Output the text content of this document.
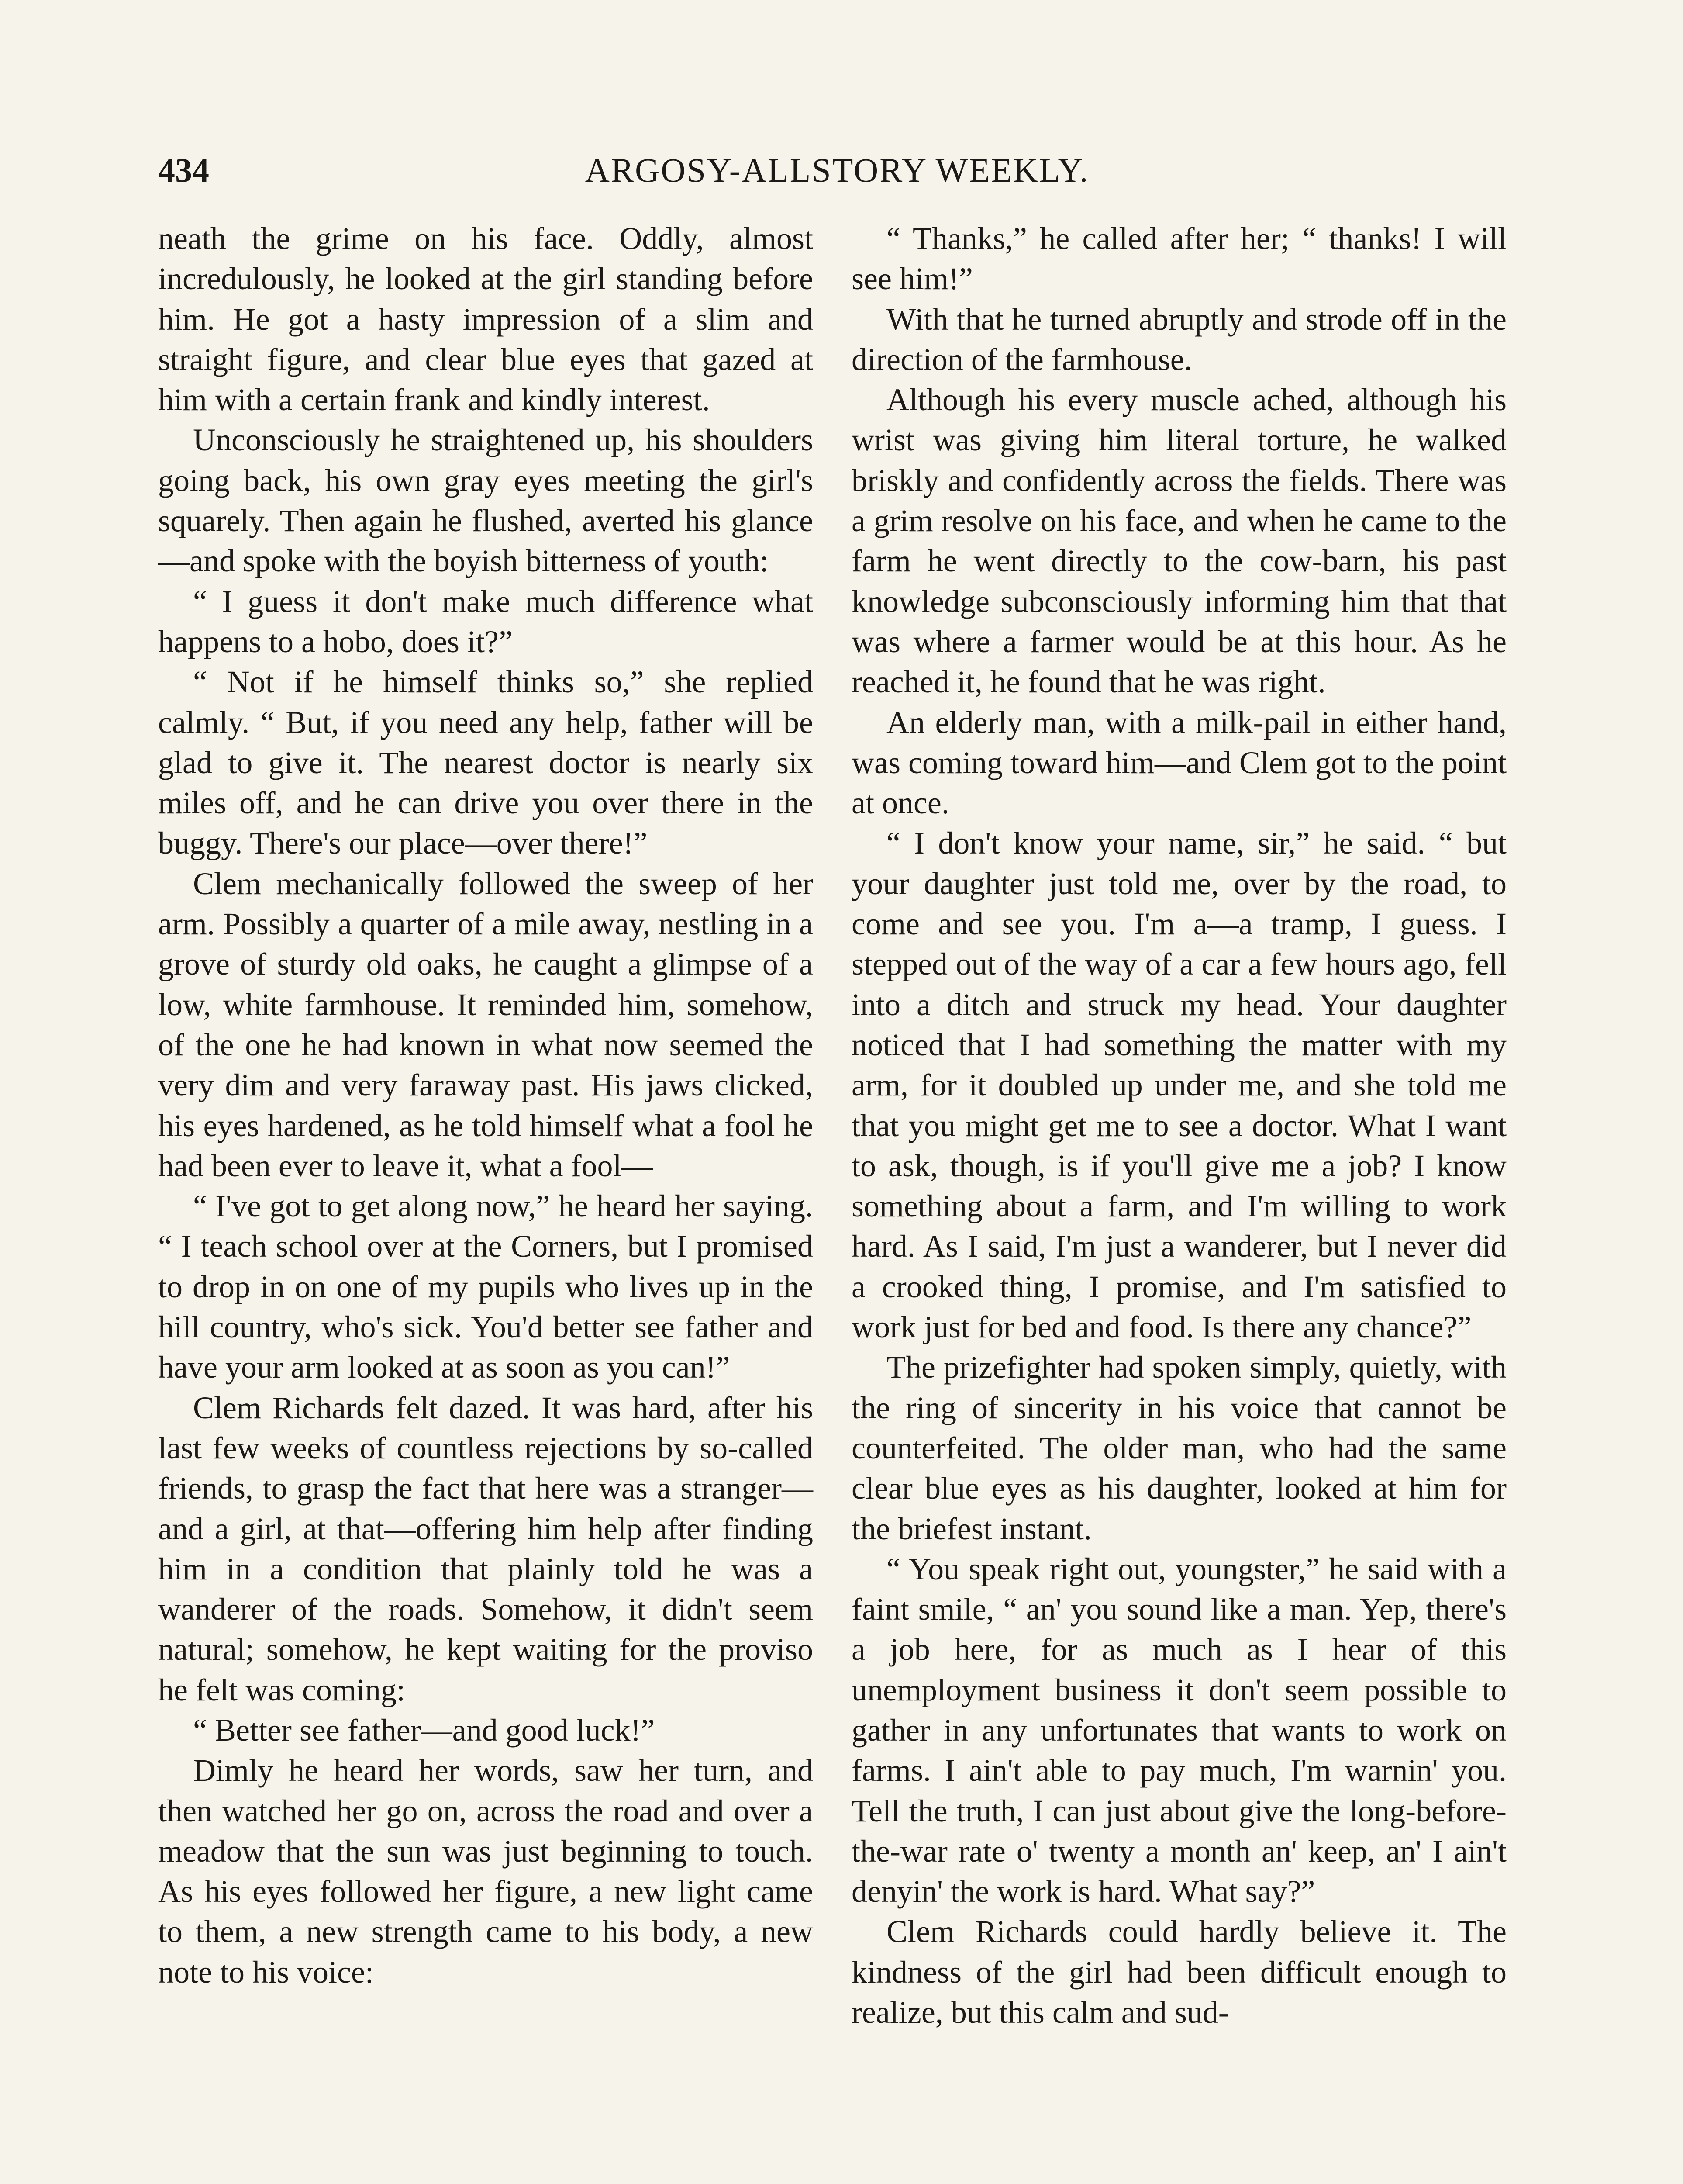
434	ARGOSY-ALLSTORY WEEKLY.

neath the grime on his face. Oddly, almost incredulously, he looked at the girl standing before him. He got a hasty impression of a slim and straight figure, and clear blue eyes that gazed at him with a certain frank and kindly interest.

Unconsciously he straightened up, his shoulders going back, his own gray eyes meeting the girl's squarely. Then again he flushed, averted his glance—and spoke with the boyish bitterness of youth:

“ I guess it don't make much difference what happens to a hobo, does it?”

“ Not if he himself thinks so,” she replied calmly. “ But, if you need any help, father will be glad to give it. The nearest doctor is nearly six miles off, and he can drive you over there in the buggy. There's our place—over there!”

Clem mechanically followed the sweep of her arm. Possibly a quarter of a mile away, nestling in a grove of sturdy old oaks, he caught a glimpse of a low, white farmhouse. It reminded him, somehow, of the one he had known in what now seemed the very dim and very faraway past. His jaws clicked, his eyes hardened, as he told himself what a fool he had been ever to leave it, what a fool—

“ I've got to get along now,” he heard her saying. “ I teach school over at the Corners, but I promised to drop in on one of my pupils who lives up in the hill country, who's sick. You'd better see father and have your arm looked at as soon as you can!”

Clem Richards felt dazed. It was hard, after his last few weeks of countless rejections by so-called friends, to grasp the fact that here was a stranger—and a girl, at that—offering him help after finding him in a condition that plainly told he was a wanderer of the roads. Somehow, it didn't seem natural; somehow, he kept waiting for the proviso he felt was coming:

“ Better see father—and good luck!”

Dimly he heard her words, saw her turn, and then watched her go on, across the road and over a meadow that the sun was just beginning to touch. As his eyes followed her figure, a new light came to them, a new strength came to his body, a new note to his voice:

“ Thanks,” he called after her; “ thanks! I will see him!”

With that he turned abruptly and strode off in the direction of the farmhouse.

Although his every muscle ached, although his wrist was giving him literal torture, he walked briskly and confidently across the fields. There was a grim resolve on his face, and when he came to the farm he went directly to the cow-barn, his past knowledge subconsciously informing him that that was where a farmer would be at this hour. As he reached it, he found that he was right.

An elderly man, with a milk-pail in either hand, was coming toward him—and Clem got to the point at once.

“ I don't know your name, sir,” he said. “ but your daughter just told me, over by the road, to come and see you. I'm a—a tramp, I guess. I stepped out of the way of a car a few hours ago, fell into a ditch and struck my head. Your daughter noticed that I had something the matter with my arm, for it doubled up under me, and she told me that you might get me to see a doctor. What I want to ask, though, is if you'll give me a job? I know something about a farm, and I'm willing to work hard. As I said, I'm just a wanderer, but I never did a crooked thing, I promise, and I'm satisfied to work just for bed and food. Is there any chance?”

The prizefighter had spoken simply, quietly, with the ring of sincerity in his voice that cannot be counterfeited. The older man, who had the same clear blue eyes as his daughter, looked at him for the briefest instant.

“ You speak right out, youngster,” he said with a faint smile, “ an' you sound like a man. Yep, there's a job here, for as much as I hear of this unemployment business it don't seem possible to gather in any unfortunates that wants to work on farms. I ain't able to pay much, I'm warnin' you. Tell the truth, I can just about give the long-before-the-war rate o' twenty a month an' keep, an' I ain't denyin' the work is hard. What say?”

Clem Richards could hardly believe it. The kindness of the girl had been difficult enough to realize, but this calm and sud-
